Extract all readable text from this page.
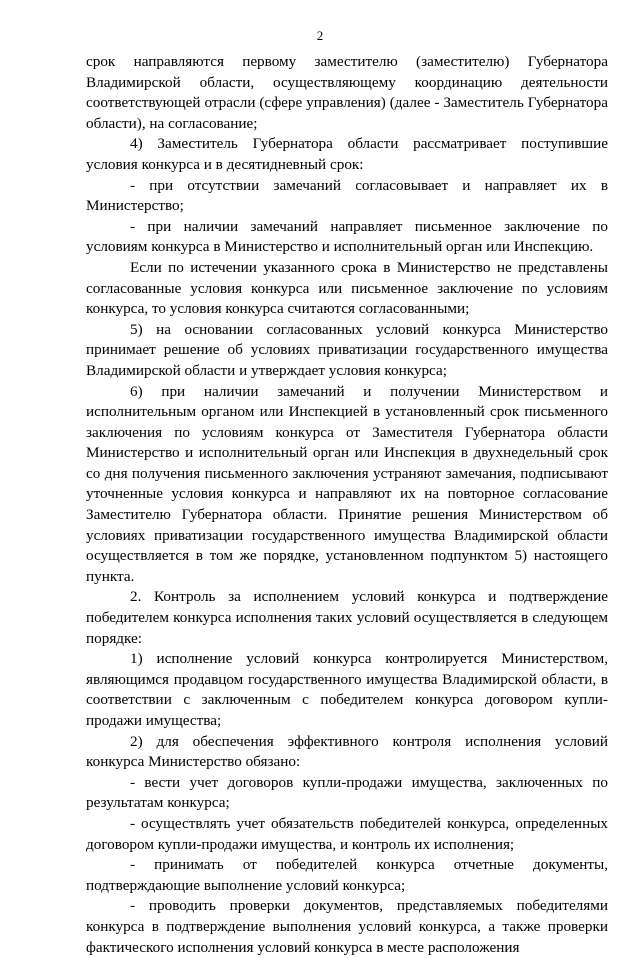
2

срок направляются первому заместителю (заместителю) Губернатора Владимирской области, осуществляющему координацию деятельности соответствующей отрасли (сфере управления) (далее - Заместитель Губернатора области), на согласование;

4) Заместитель Губернатора области рассматривает поступившие условия конкурса и в десятидневный срок:

- при отсутствии замечаний согласовывает и направляет их в Министерство;

- при наличии замечаний направляет письменное заключение по условиям конкурса в Министерство и исполнительный орган или Инспекцию.

Если по истечении указанного срока в Министерство не представлены согласованные условия конкурса или письменное заключение по условиям конкурса, то условия конкурса считаются согласованными;

5) на основании согласованных условий конкурса Министерство принимает решение об условиях приватизации государственного имущества Владимирской области и утверждает условия конкурса;

6) при наличии замечаний и получении Министерством и исполнительным органом или Инспекцией в установленный срок письменного заключения по условиям конкурса от Заместителя Губернатора области Министерство и исполнительный орган или Инспекция в двухнедельный срок со дня получения письменного заключения устраняют замечания, подписывают уточненные условия конкурса и направляют их на повторное согласование Заместителю Губернатора области. Принятие решения Министерством об условиях приватизации государственного имущества Владимирской области осуществляется в том же порядке, установленном подпунктом 5) настоящего пункта.

2. Контроль за исполнением условий конкурса и подтверждение победителем конкурса исполнения таких условий осуществляется в следующем порядке:

1) исполнение условий конкурса контролируется Министерством, являющимся продавцом государственного имущества Владимирской области, в соответствии с заключенным с победителем конкурса договором купли-продажи имущества;

2) для обеспечения эффективного контроля исполнения условий конкурса Министерство обязано:

- вести учет договоров купли-продажи имущества, заключенных по результатам конкурса;

- осуществлять учет обязательств победителей конкурса, определенных договором купли-продажи имущества, и контроль их исполнения;

- принимать от победителей конкурса отчетные документы, подтверждающие выполнение условий конкурса;

- проводить проверки документов, представляемых победителями конкурса в подтверждение выполнения условий конкурса, а также проверки фактического исполнения условий конкурса в месте расположения
